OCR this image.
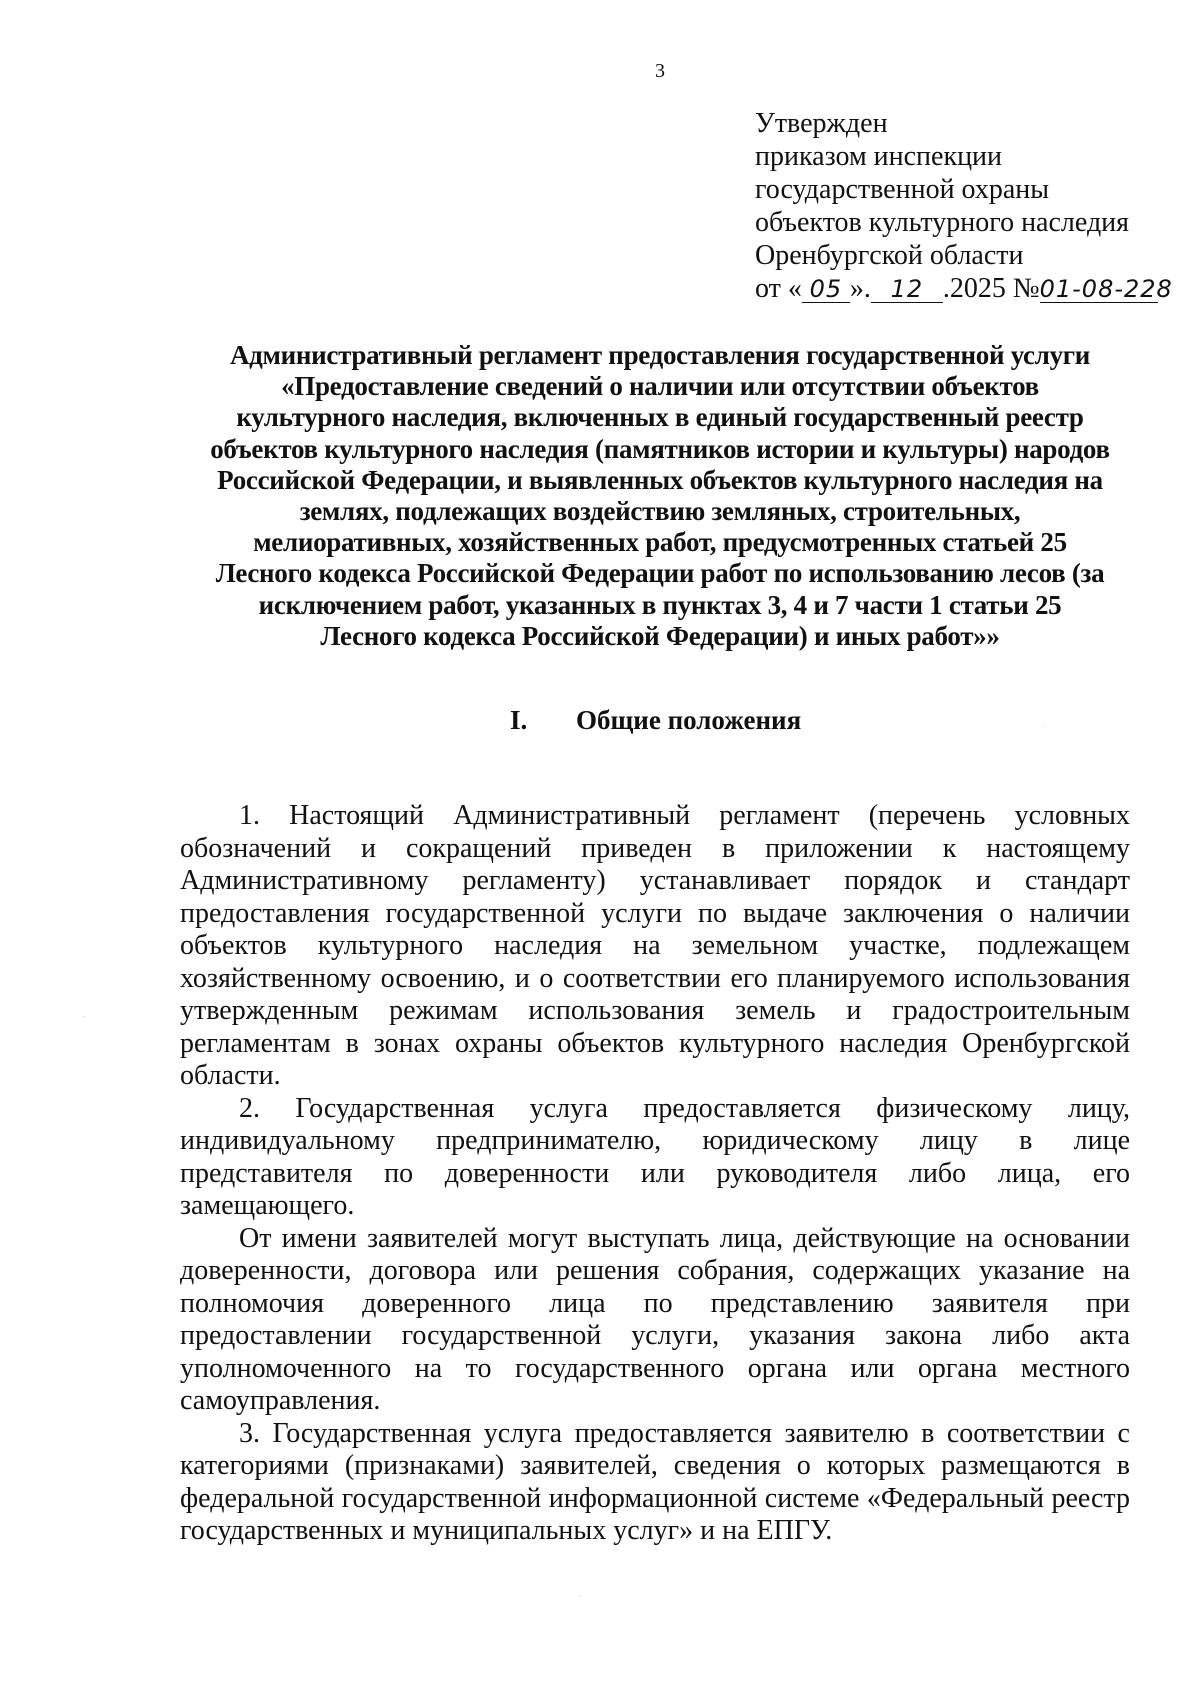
3
Утвержден
приказом инспекции
государственной охраны
объектов культурного наследия
Оренбургской области
от « 05 ». 12 .2025 №01-08-228
Административный регламент предоставления государственной услуги
«Предоставление сведений о наличии или отсутствии объектов
культурного наследия, включенных в единый государственный реестр
объектов культурного наследия (памятников истории и культуры) народов
Российской Федерации, и выявленных объектов культурного наследия на
землях, подлежащих воздействию земляных, строительных,
мелиоративных, хозяйственных работ, предусмотренных статьей 25
Лесного кодекса Российской Федерации работ по использованию лесов (за
исключением работ, указанных в пунктах 3, 4 и 7 части 1 статьи 25
Лесного кодекса Российской Федерации) и иных работ»»
I. Общие положения

1. Настоящий Административный регламент (перечень условных обозначений и сокращений приведен в приложении к настоящему Административному регламенту) устанавливает порядок и стандарт предоставления государственной услуги по выдаче заключения о наличии объектов культурного наследия на земельном участке, подлежащем хозяйственному освоению, и о соответствии его планируемого использования утвержденным режимам использования земель и градостроительным регламентам в зонах охраны объектов культурного наследия Оренбургской области.

2. Государственная услуга предоставляется физическому лицу, индивидуальному предпринимателю, юридическому лицу в лице представителя по доверенности или руководителя либо лица, его замещающего.

От имени заявителей могут выступать лица, действующие на основании доверенности, договора или решения собрания, содержащих указание на полномочия доверенного лица по представлению заявителя при предоставлении государственной услуги, указания закона либо акта уполномоченного на то государственного органа или органа местного самоуправления.

3. Государственная услуга предоставляется заявителю в соответствии с категориями (признаками) заявителей, сведения о которых размещаются в федеральной государственной информационной системе «Федеральный реестр государственных и муниципальных услуг» и на ЕПГУ.

·
·
·
